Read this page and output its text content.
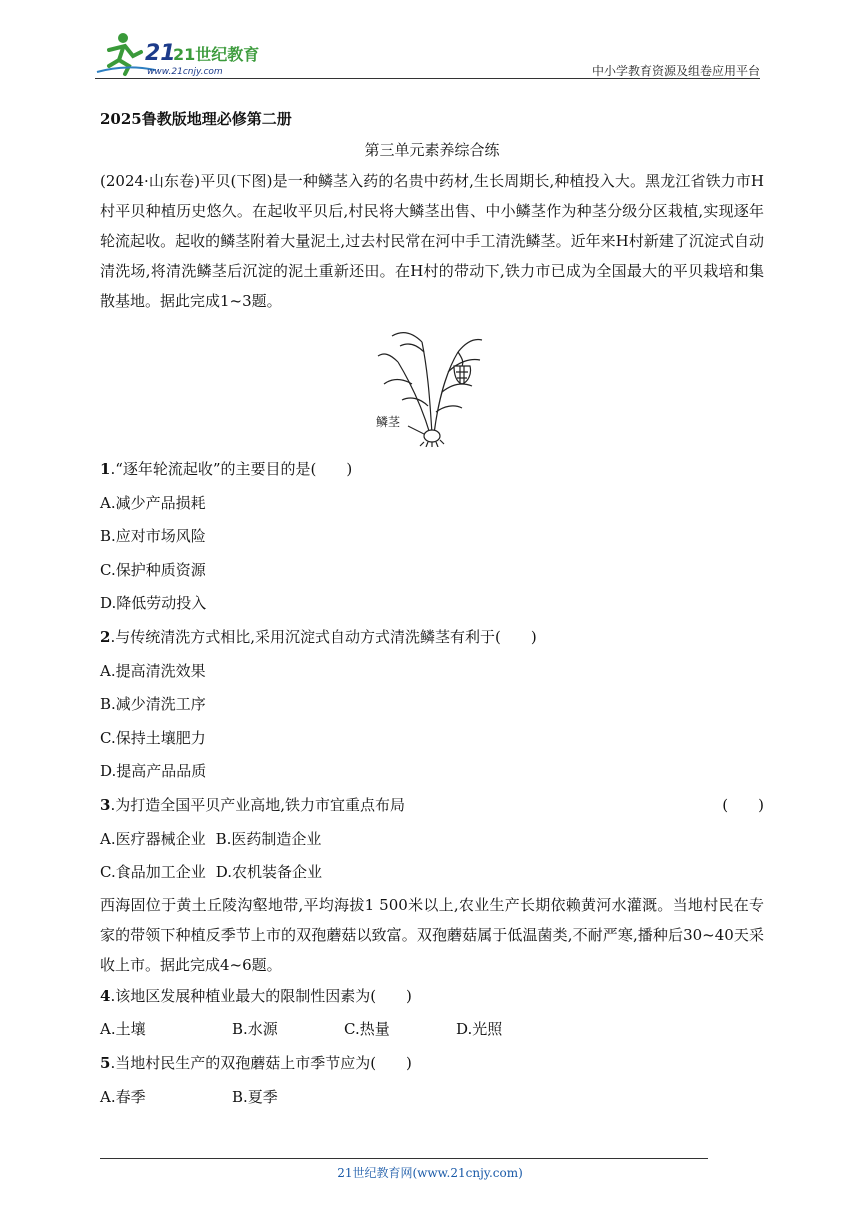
21
21世纪教育
www.21cnjy.com	中小学教育资源及组卷应用平台
2025鲁教版地理必修第二册
第三单元素养综合练

(2024·山东卷)平贝(下图)是一种鳞茎入药的名贵中药材,生长周期长,种植投入大。黑龙江省铁力市H村平贝种植历史悠久。在起收平贝后,村民将大鳞茎出售、中小鳞茎作为种茎分级分区栽植,实现逐年轮流起收。起收的鳞茎附着大量泥土,过去村民常在河中手工清洗鳞茎。近年来H村新建了沉淀式自动清洗场,将清洗鳞茎后沉淀的泥土重新还田。在H村的带动下,铁力市已成为全国最大的平贝栽培和集散基地。据此完成1~3题。

鳞茎

1.“逐年轮流起收”的主要目的是(　　)

A.减少产品损耗

B.应对市场风险

C.保护种质资源

D.降低劳动投入

2.与传统清洗方式相比,采用沉淀式自动方式清洗鳞茎有利于(　　)

A.提高清洗效果

B.减少清洗工序

C.保持土壤肥力

D.提高产品品质

3.为打造全国平贝产业高地,铁力市宜重点布局	(　　)
A.医疗器械企业 B.医药制造企业
C.食品加工企业 D.农机装备企业

西海固位于黄土丘陵沟壑地带,平均海拔1 500米以上,农业生产长期依赖黄河水灌溉。当地村民在专家的带领下种植反季节上市的双孢蘑菇以致富。双孢蘑菇属于低温菌类,不耐严寒,播种后30~40天采收上市。据此完成4~6题。

4.该地区发展种植业最大的限制性因素为(　　)

A.土壤	B.水源	C.热量	D.光照

5.当地村民生产的双孢蘑菇上市季节应为(　　)

A.春季	B.夏季
21世纪教育网(www.21cnjy.com)
